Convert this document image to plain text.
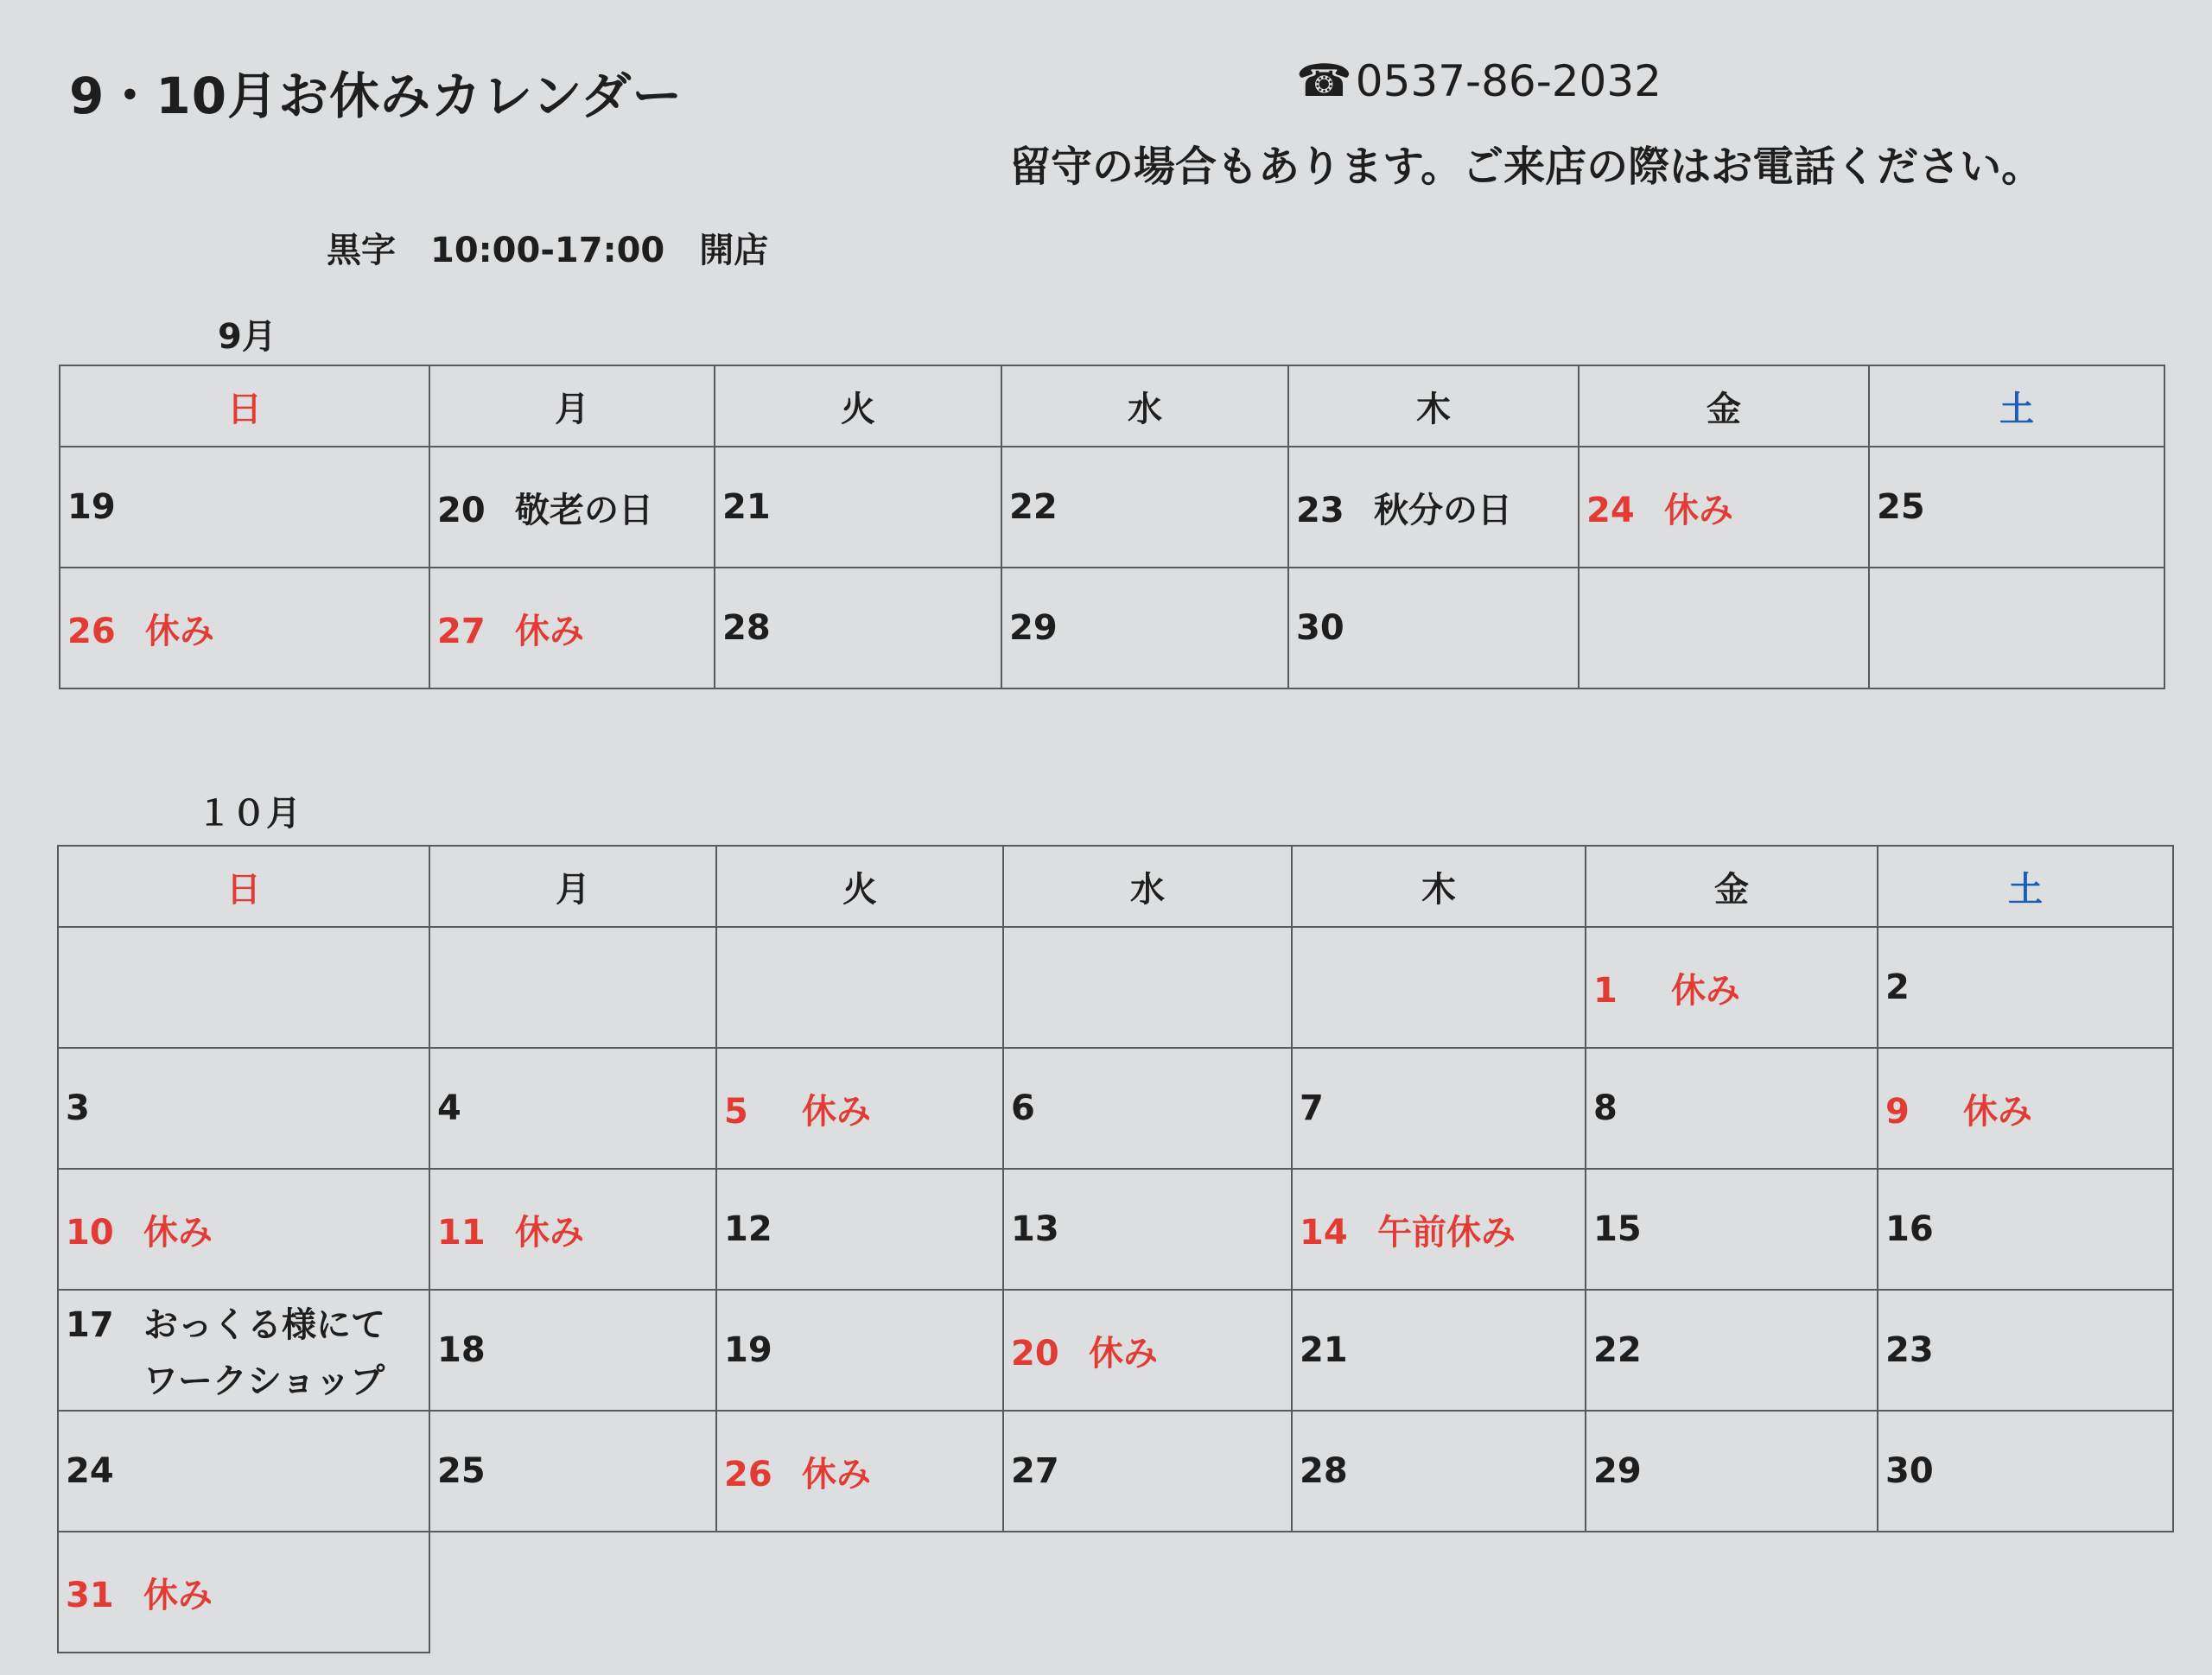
9・10月お休みカレンダー	☎0537-86-2032
留守の場合もあります。ご来店の際はお電話ください。
黒字 10:00-17:00 開店
9月
日	月	火	水	木	金	土
19	20 敬老の日	21	22	23 秋分の日	24 休み	25
26 休み	27 休み	28	29	30		
１０月
日	月	火	水	木	金	土
					1 休み	2
3	4	5 休み	6	7	8	9 休み
10 休み	11 休み	12	13	14 午前休み	15	16
17 おっくる様にて
ワークショップ	18	19	20 休み	21	22	23
24	25	26 休み	27	28	29	30
31 休み						
